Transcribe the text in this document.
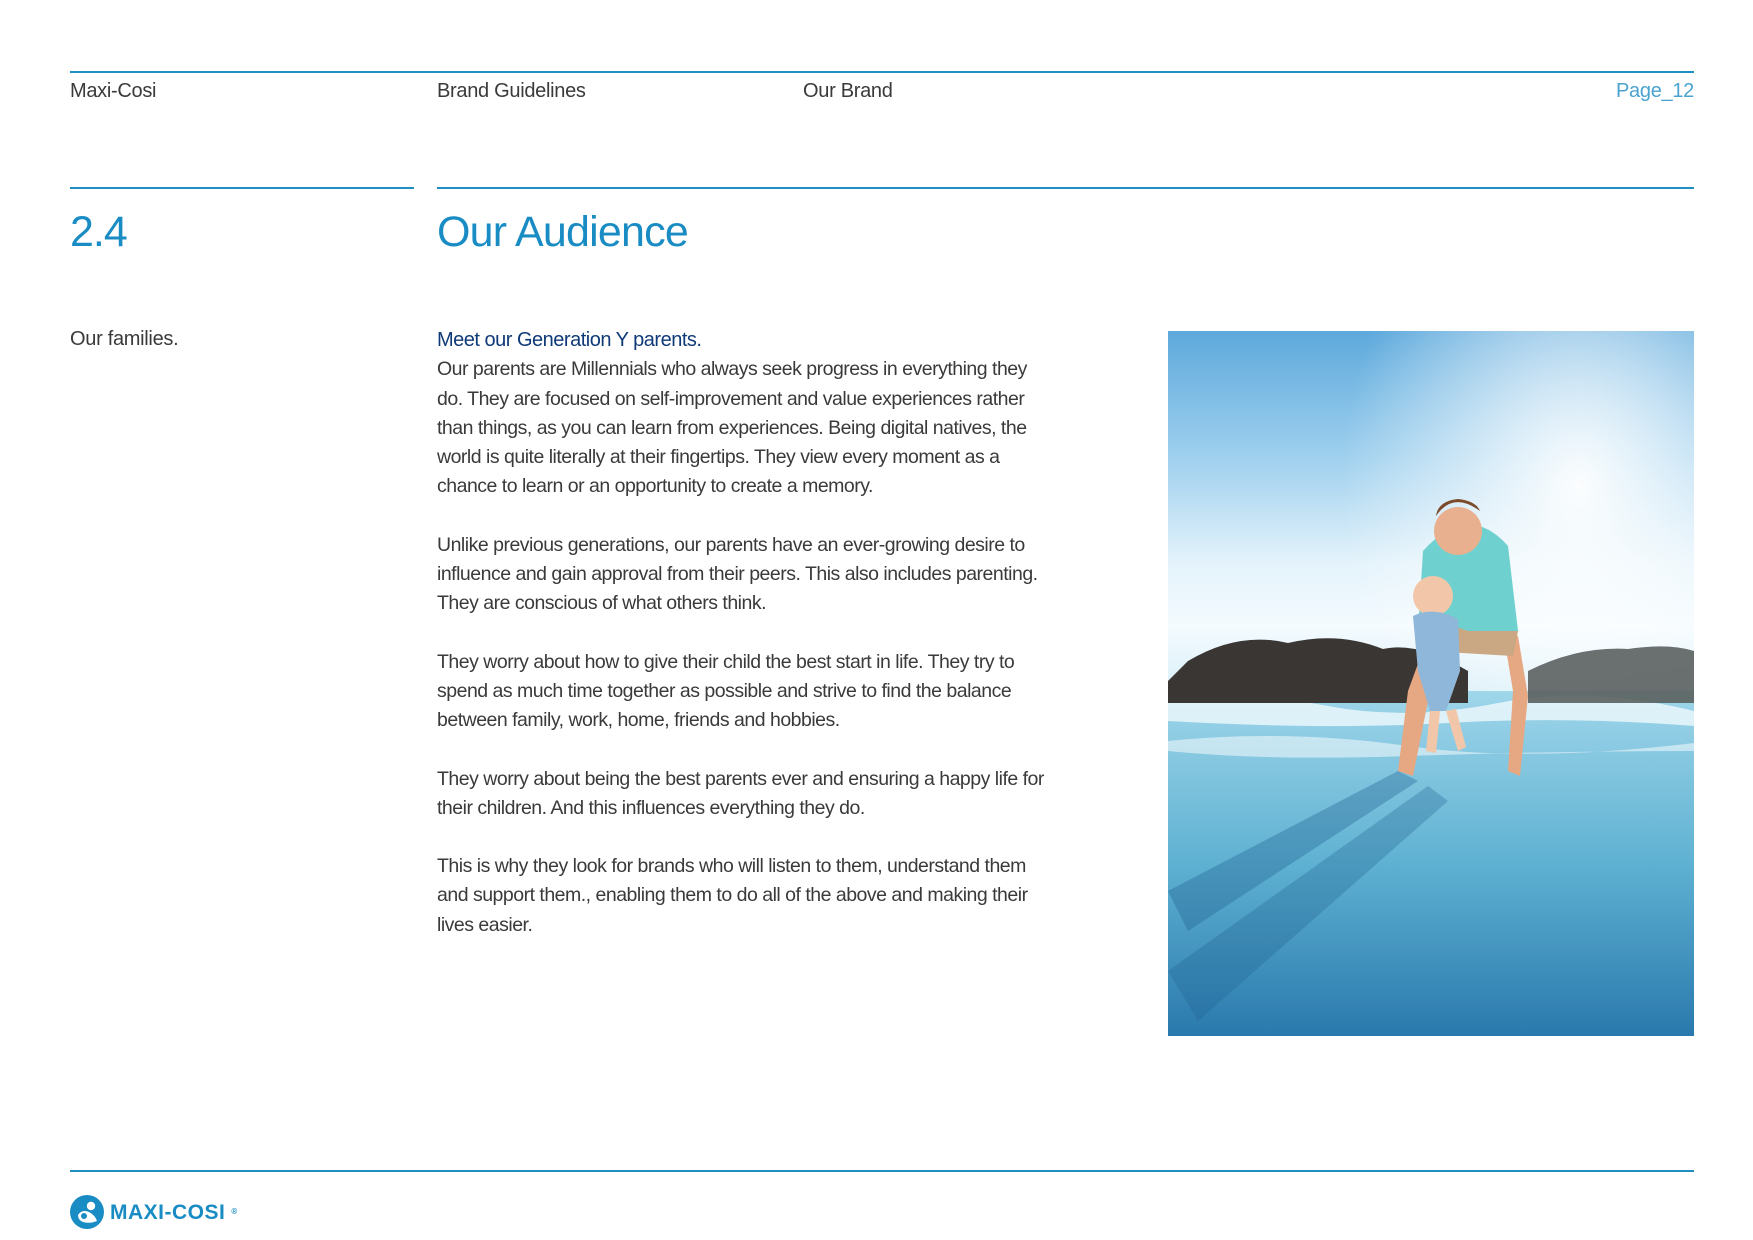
Maxi-Cosi	Brand Guidelines	Our Brand	Page_12
2.4	Our Audience
Our families.	Meet our Generation Y parents.

Our parents are Millennials who always seek progress in everything they do. They are focused on self-improvement and value experiences rather than things, as you can learn from experiences. Being digital natives, the world is quite literally at their fingertips. They view every moment as a chance to learn or an opportunity to create a memory.

Unlike previous generations, our parents have an ever-growing desire to influence and gain approval from their peers. This also includes parenting. They are conscious of what others think.

They worry about how to give their child the best start in life. They try to spend as much time together as possible and strive to find the balance between family, work, home, friends and hobbies.

They worry about being the best parents ever and ensuring a happy life for their children. And this influences everything they do.

This is why they look for brands who will listen to them, understand them and support them., enabling them to do all of the above and making their lives easier.

MAXI-COSI ®
